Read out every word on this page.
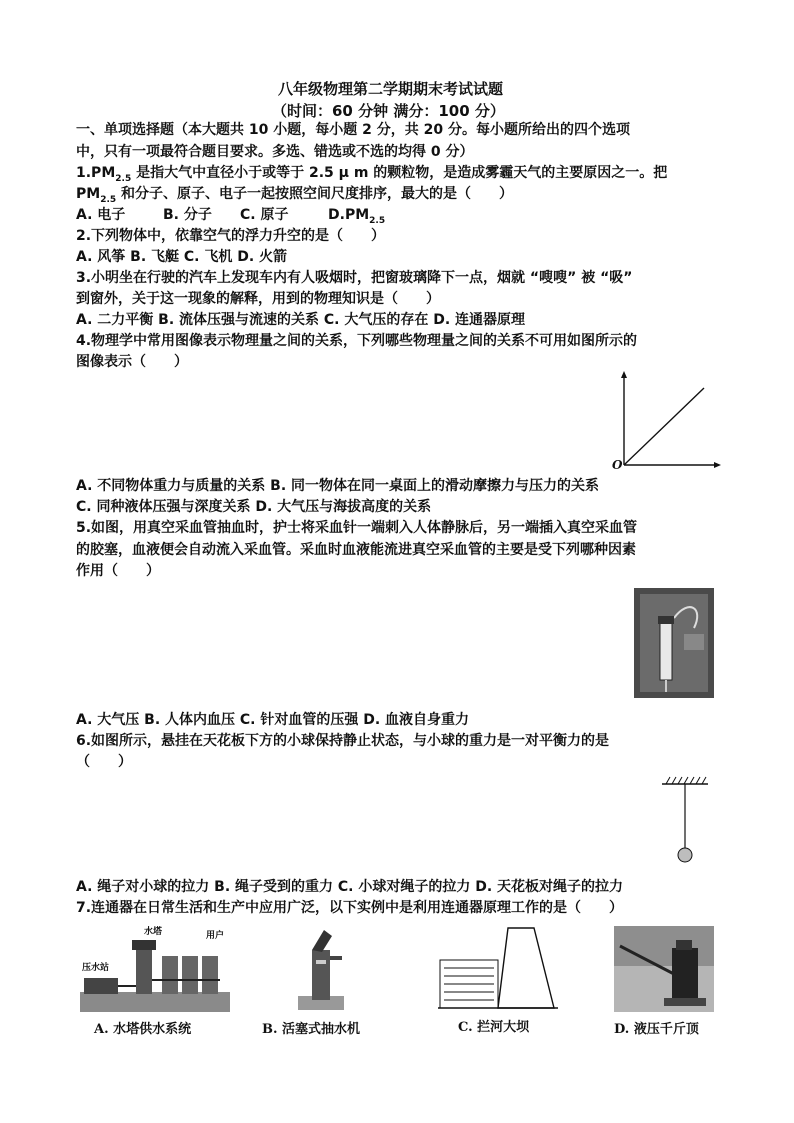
八年级物理第二学期期末考试试题
（时间：60 分钟 满分：100 分）
一、单项选择题（本大题共 10 小题，每小题 2 分，共 20 分。每小题所给出的四个选项
中，只有一项最符合题目要求。多选、错选或不选的均得 0 分）
$1.PM_{2.5}$ 是指大气中直径小于或等于 2.5 μ m 的颗粒物，是造成雾霾天气的主要原因之一。把
$PM_{2.5}$ 和分子、原子、电子一起按照空间尺度排序，最大的是（　　）
A. 电子	B. 分子 C. 原子	$D.PM_{2.5}$
2.下列物体中，依靠空气的浮力升空的是（　　）
A. 风筝 B. 飞艇 C. 飞机 D. 火箭
3.小明坐在行驶的汽车上发现车内有人吸烟时，把窗玻璃降下一点，烟就 “嗖嗖” 被 “吸”
到窗外，关于这一现象的解释，用到的物理知识是（　　）
A. 二力平衡 B. 流体压强与流速的关系 C. 大气压的存在 D. 连通器原理
4.物理学中常用图像表示物理量之间的关系，下列哪些物理量之间的关系不可用如图所示的
图像表示（　　）
O
A. 不同物体重力与质量的关系 B. 同一物体在同一桌面上的滑动摩擦力与压力的关系
C. 同种液体压强与深度关系 D. 大气压与海拔高度的关系
5.如图，用真空采血管抽血时，护士将采血针一端刺入人体静脉后，另一端插入真空采血管
的胶塞，血液便会自动流入采血管。采血时血液能流进真空采血管的主要是受下列哪种因素
作用（　　）
A. 大气压 B. 人体内血压 C. 针对血管的压强 D. 血液自身重力
6.如图所示，悬挂在天花板下方的小球保持静止状态，与小球的重力是一对平衡力的是
（　　）
A. 绳子对小球的拉力 B. 绳子受到的重力 C. 小球对绳子的拉力 D. 天花板对绳子的拉力
7.连通器在日常生活和生产中应用广泛，以下实例中是利用连通器原理工作的是（　　）
水塔	用户
压水站
A. 水塔供水系统	B. 活塞式抽水机	C. 拦河大坝	D. 液压千斤顶
